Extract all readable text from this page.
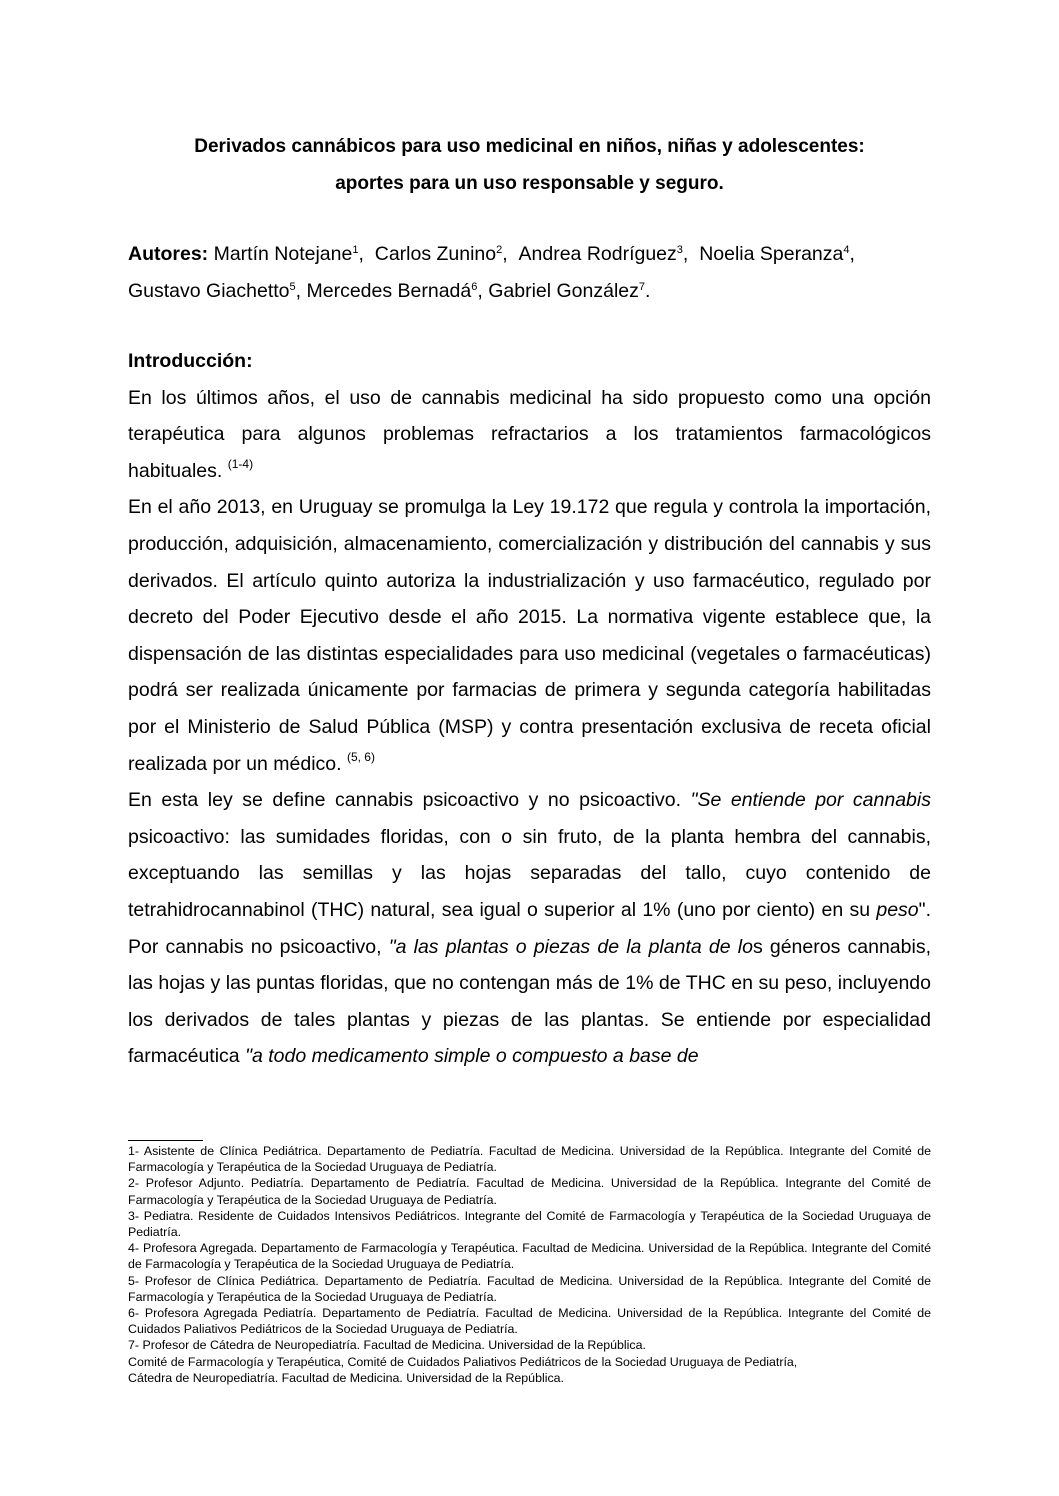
Derivados cannábicos para uso medicinal en niños, niñas y adolescentes:
aportes para un uso responsable y seguro.

Autores: Martín Notejane$^1$, Carlos Zunino$^2$, Andrea Rodríguez$^3$, Noelia Speranza$^4$,
Gustavo Giachetto$^5$, Mercedes Bernadá$^6$, Gabriel González$^7$.

Introducción:

En los últimos años, el uso de cannabis medicinal ha sido propuesto como una opción terapéutica para algunos problemas refractarios a los tratamientos farmacológicos habituales. $^{(1-4)}$

En el año 2013, en Uruguay se promulga la Ley 19.172 que regula y controla la importación, producción, adquisición, almacenamiento, comercialización y distribución del cannabis y sus derivados. El artículo quinto autoriza la industrialización y uso farmacéutico, regulado por decreto del Poder Ejecutivo desde el año 2015. La normativa vigente establece que, la dispensación de las distintas especialidades para uso medicinal (vegetales o farmacéuticas) podrá ser realizada únicamente por farmacias de primera y segunda categoría habilitadas por el Ministerio de Salud Pública (MSP) y contra presentación exclusiva de receta oficial realizada por un médico. $^{(5, 6)}$

En esta ley se define cannabis psicoactivo y no psicoactivo. "Se entiende por cannabis psicoactivo: las sumidades floridas, con o sin fruto, de la planta hembra del cannabis, exceptuando las semillas y las hojas separadas del tallo, cuyo contenido de tetrahidrocannabinol (THC) natural, sea igual o superior al 1% (uno por ciento) en su peso". Por cannabis no psicoactivo, "a las plantas o piezas de la planta de los géneros cannabis, las hojas y las puntas floridas, que no contengan más de 1% de THC en su peso, incluyendo los derivados de tales plantas y piezas de las plantas. Se entiende por especialidad farmacéutica "a todo medicamento simple o compuesto a base de

1- Asistente de Clínica Pediátrica. Departamento de Pediatría. Facultad de Medicina. Universidad de la República. Integrante del Comité de Farmacología y Terapéutica de la Sociedad Uruguaya de Pediatría.

2- Profesor Adjunto. Pediatría. Departamento de Pediatría. Facultad de Medicina. Universidad de la República. Integrante del Comité de Farmacología y Terapéutica de la Sociedad Uruguaya de Pediatría.

3- Pediatra. Residente de Cuidados Intensivos Pediátricos. Integrante del Comité de Farmacología y Terapéutica de la Sociedad Uruguaya de Pediatría.

4- Profesora Agregada. Departamento de Farmacología y Terapéutica. Facultad de Medicina. Universidad de la República. Integrante del Comité de Farmacología y Terapéutica de la Sociedad Uruguaya de Pediatría.

5- Profesor de Clínica Pediátrica. Departamento de Pediatría. Facultad de Medicina. Universidad de la República. Integrante del Comité de Farmacología y Terapéutica de la Sociedad Uruguaya de Pediatría.

6- Profesora Agregada Pediatría. Departamento de Pediatría. Facultad de Medicina. Universidad de la República. Integrante del Comité de Cuidados Paliativos Pediátricos de la Sociedad Uruguaya de Pediatría.

7- Profesor de Cátedra de Neuropediatría. Facultad de Medicina. Universidad de la República.

Comité de Farmacología y Terapéutica, Comité de Cuidados Paliativos Pediátricos de la Sociedad Uruguaya de Pediatría,

Cátedra de Neuropediatría. Facultad de Medicina. Universidad de la República.
